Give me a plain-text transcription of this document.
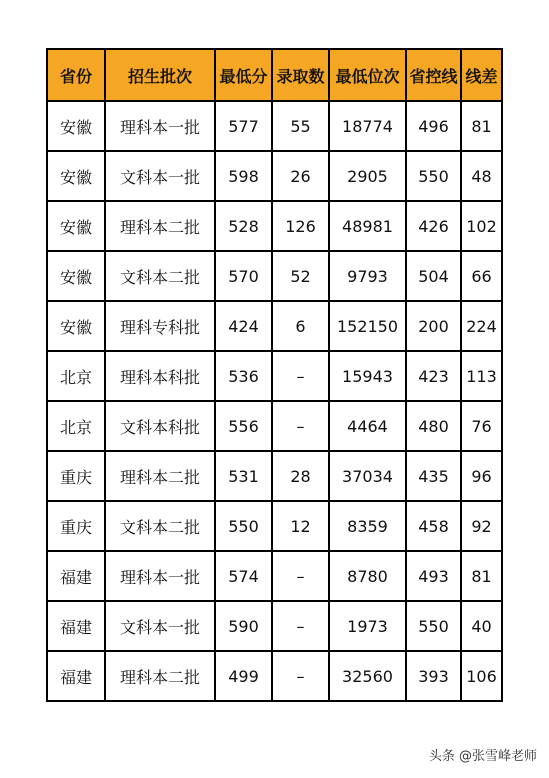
省份	招生批次	最低分	录取数	最低位次	省控线	线差
安徽	理科本一批	577	55	18774	496	81
安徽	文科本一批	598	26	2905	550	48
安徽	理科本二批	528	126	48981	426	102
安徽	文科本二批	570	52	9793	504	66
安徽	理科专科批	424	6	152150	200	224
北京	理科本科批	536	–	15943	423	113
北京	文科本科批	556	–	4464	480	76
重庆	理科本二批	531	28	37034	435	96
重庆	文科本二批	550	12	8359	458	92
福建	理科本一批	574	–	8780	493	81
福建	文科本一批	590	–	1973	550	40
福建	理科本二批	499	–	32560	393	106
头条 @张雪峰老师
